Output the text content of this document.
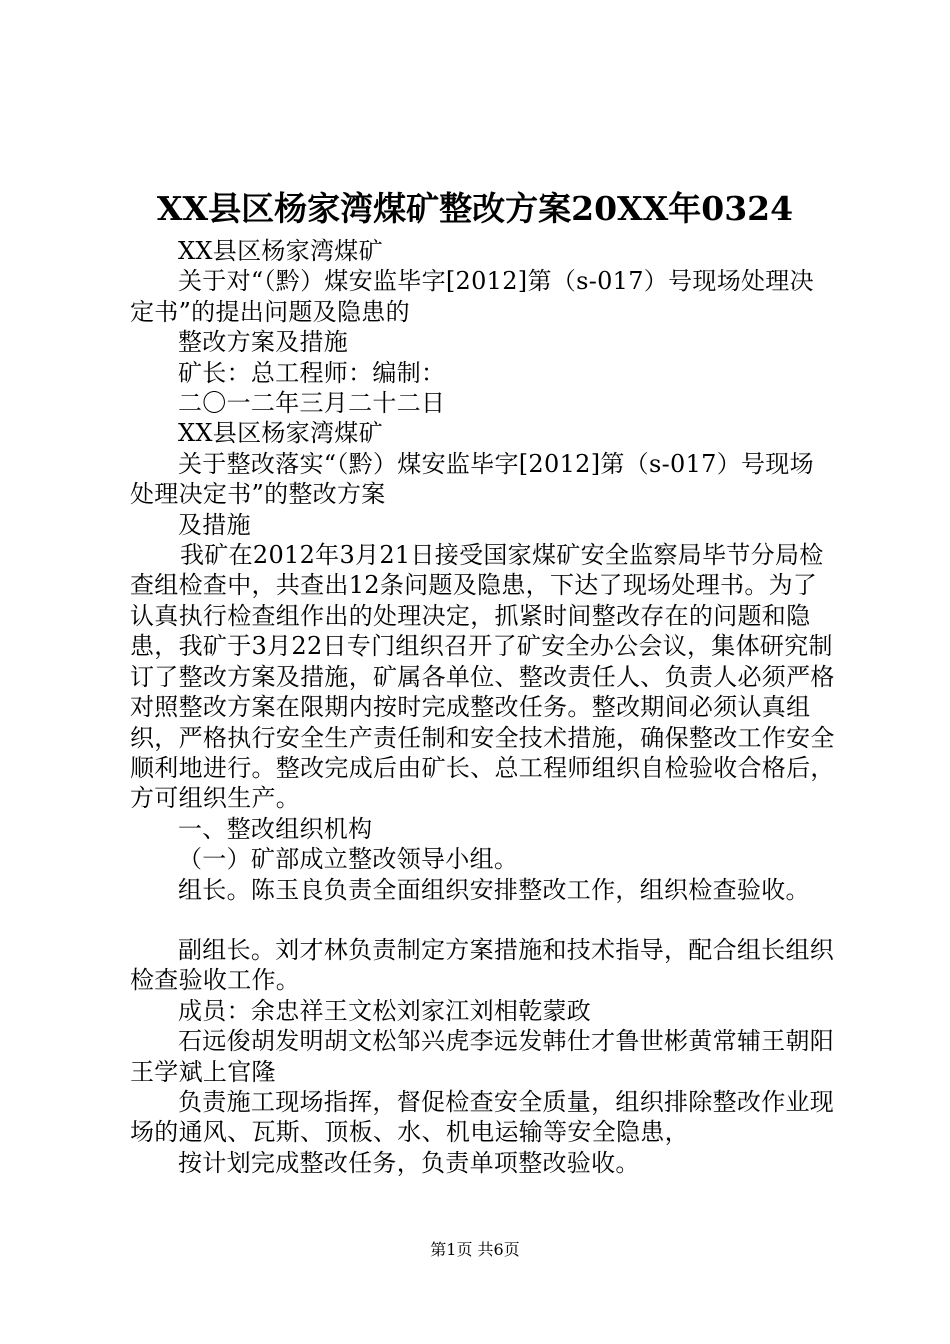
XX县区杨家湾煤矿整改方案20XX年0324

XX县区杨家湾煤矿

关于对“（黔）煤安监毕字[2012]第（s-017）号现场处理决定书”的提出问题及隐患的

整改方案及措施

矿长：总工程师：编制：

二〇一二年三月二十二日

XX县区杨家湾煤矿

关于整改落实“（黔）煤安监毕字[2012]第（s-017）号现场处理决定书”的整改方案

及措施

我矿在2012年3月21日接受国家煤矿安全监察局毕节分局检查组检查中，共查出12条问题及隐患，下达了现场处理书。为了认真执行检查组作出的处理决定，抓紧时间整改存在的问题和隐患，我矿于3月22日专门组织召开了矿安全办公会议，集体研究制订了整改方案及措施，矿属各单位、整改责任人、负责人必须严格对照整改方案在限期内按时完成整改任务。整改期间必须认真组织，严格执行安全生产责任制和安全技术措施，确保整改工作安全顺利地进行。整改完成后由矿长、总工程师组织自检验收合格后，方可组织生产。

一、整改组织机构

（一）矿部成立整改领导小组。

组长。陈玉良负责全面组织安排整改工作，组织检查验收。

副组长。刘才林负责制定方案措施和技术指导，配合组长组织检查验收工作。

成员：余忠祥王文松刘家江刘相乾蒙政

石远俊胡发明胡文松邹兴虎李远发韩仕才鲁世彬黄常辅王朝阳王学斌上官隆

负责施工现场指挥，督促检查安全质量，组织排除整改作业现场的通风、瓦斯、顶板、水、机电运输等安全隐患，

按计划完成整改任务，负责单项整改验收。

第1页 共6页
